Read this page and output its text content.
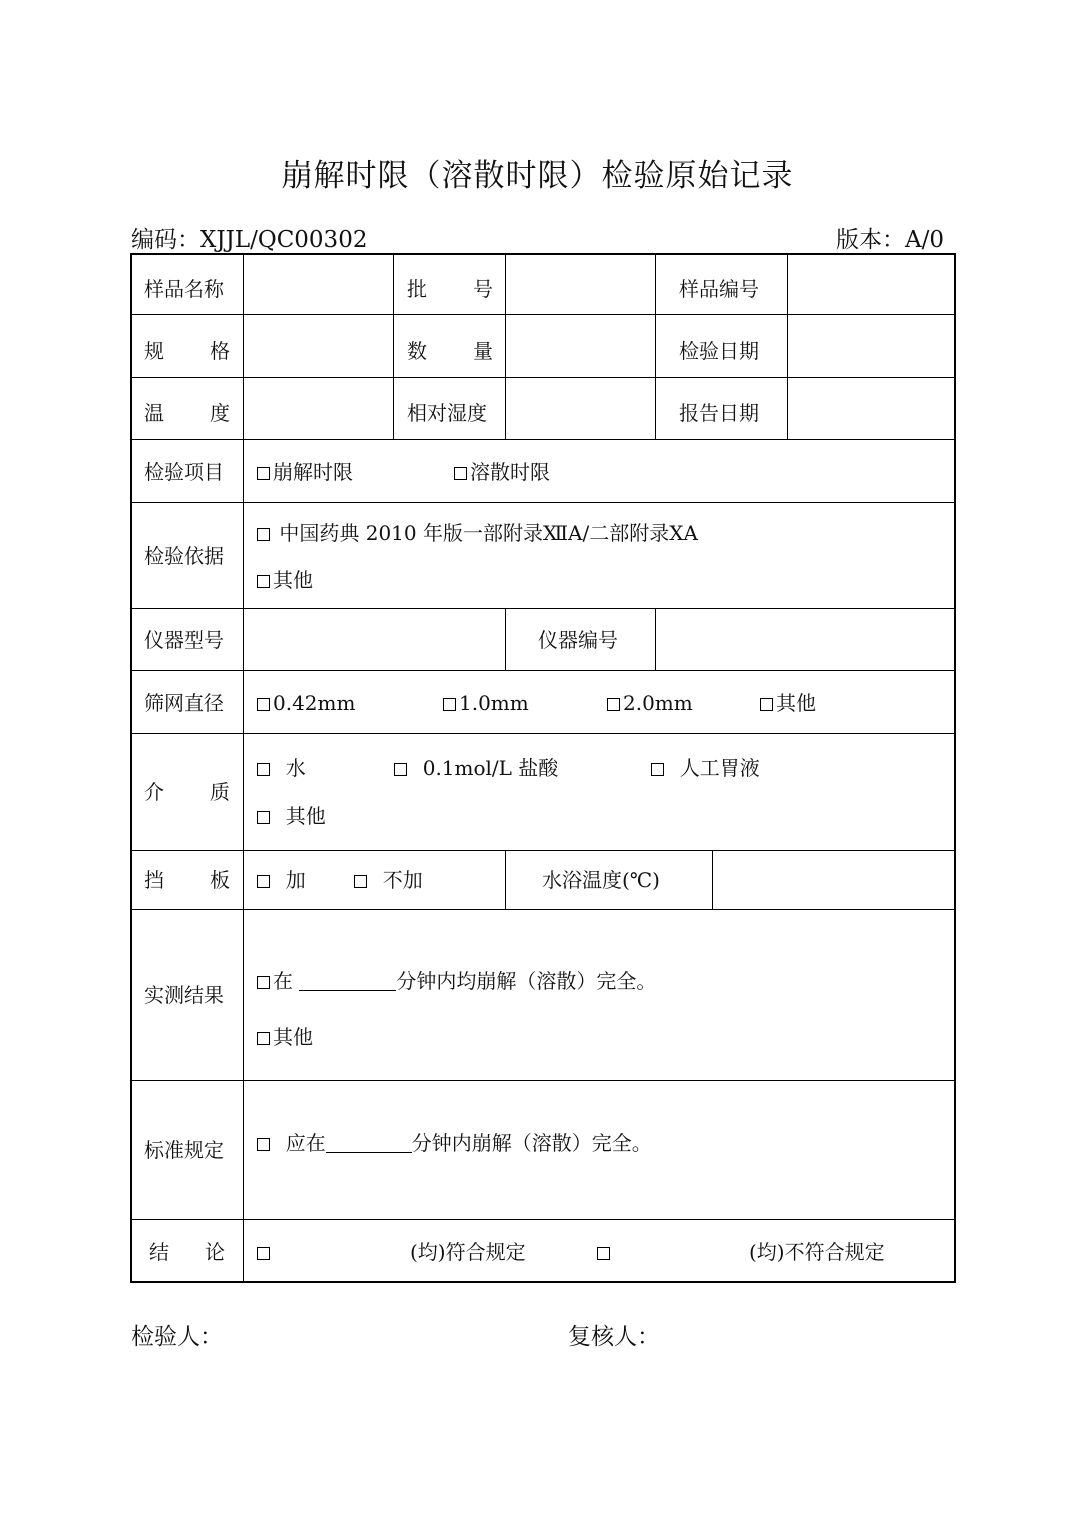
崩解时限（溶散时限）检验原始记录
编码：XJJL/QC00302	版本：A/0
样品名称	批 号	样品编号
规 格	数 量	检验日期
温 度	相对湿度	报告日期
检验项目	崩解时限	溶散时限
检验依据
中国药典 2010 年版一部附录ⅫA/二部附录ⅩA
其他
仪器型号	仪器编号
筛网直径	0.42mm	1.0mm	2.0mm	其他
介 质
水	0.1mol/L 盐酸	人工胃液
其他
挡 板	加	不加	水浴温度(℃)
实测结果
在	分钟内均崩解（溶散）完全。
其他
标准规定	应在	分钟内崩解（溶散）完全。
结 论	(均)符合规定	(均)不符合规定
检验人：	复核人：
